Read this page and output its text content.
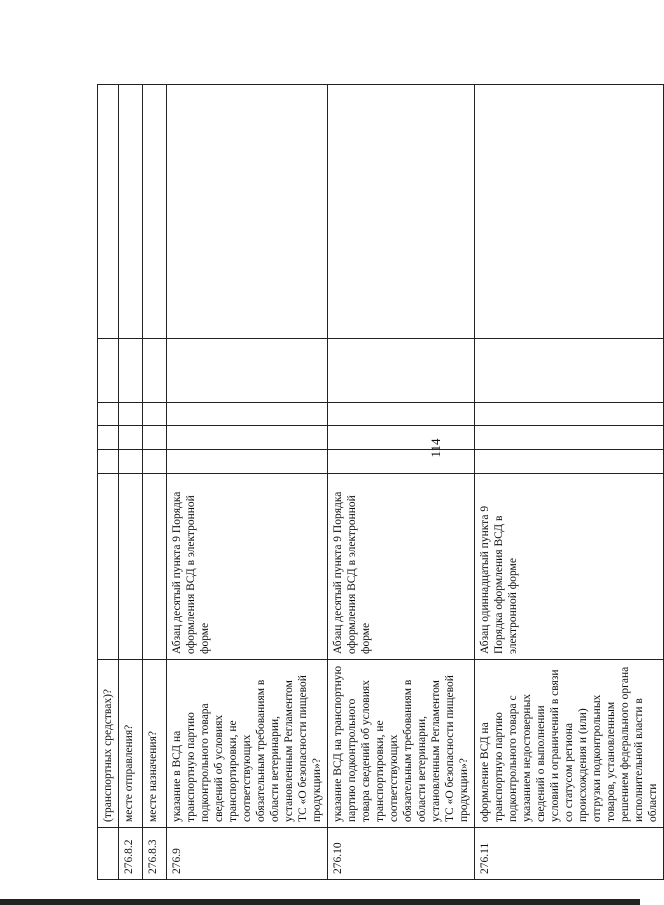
114
	(транспортных средствах)?						
276.8.2	месте отправления?						
276.8.3	месте назначения?						
276.9	указание в ВСД на транспортную партию подконтрольного товара сведений об условиях транспортировки, не соответствующих обязательным требованиям в области ветеринарии, установленным Регламентом ТС «О безопасности пищевой продукции»?	Абзац десятый пункта 9 Порядка оформления ВСД в электронной форме					
276.10	указание ВСД на транспортную партию подконтрольного товара сведений об условиях транспортировки, не соответствующих обязательным требованиям в области ветеринарии, установленным Регламентом ТС «О безопасности пищевой продукции»?	Абзац десятый пункта 9 Порядка оформления ВСД в электронной форме					
276.11	оформление ВСД на транспортную партию подконтрольного товара с указанием недостоверных сведений о выполнении условий и ограничений в связи со статусом региона происхождения и (или) отгрузки подконтрольных товаров, установленным решением федерального органа исполнительной власти в области	Абзац одиннадцатый пункта 9 Порядка оформления ВСД в электронной форме					
